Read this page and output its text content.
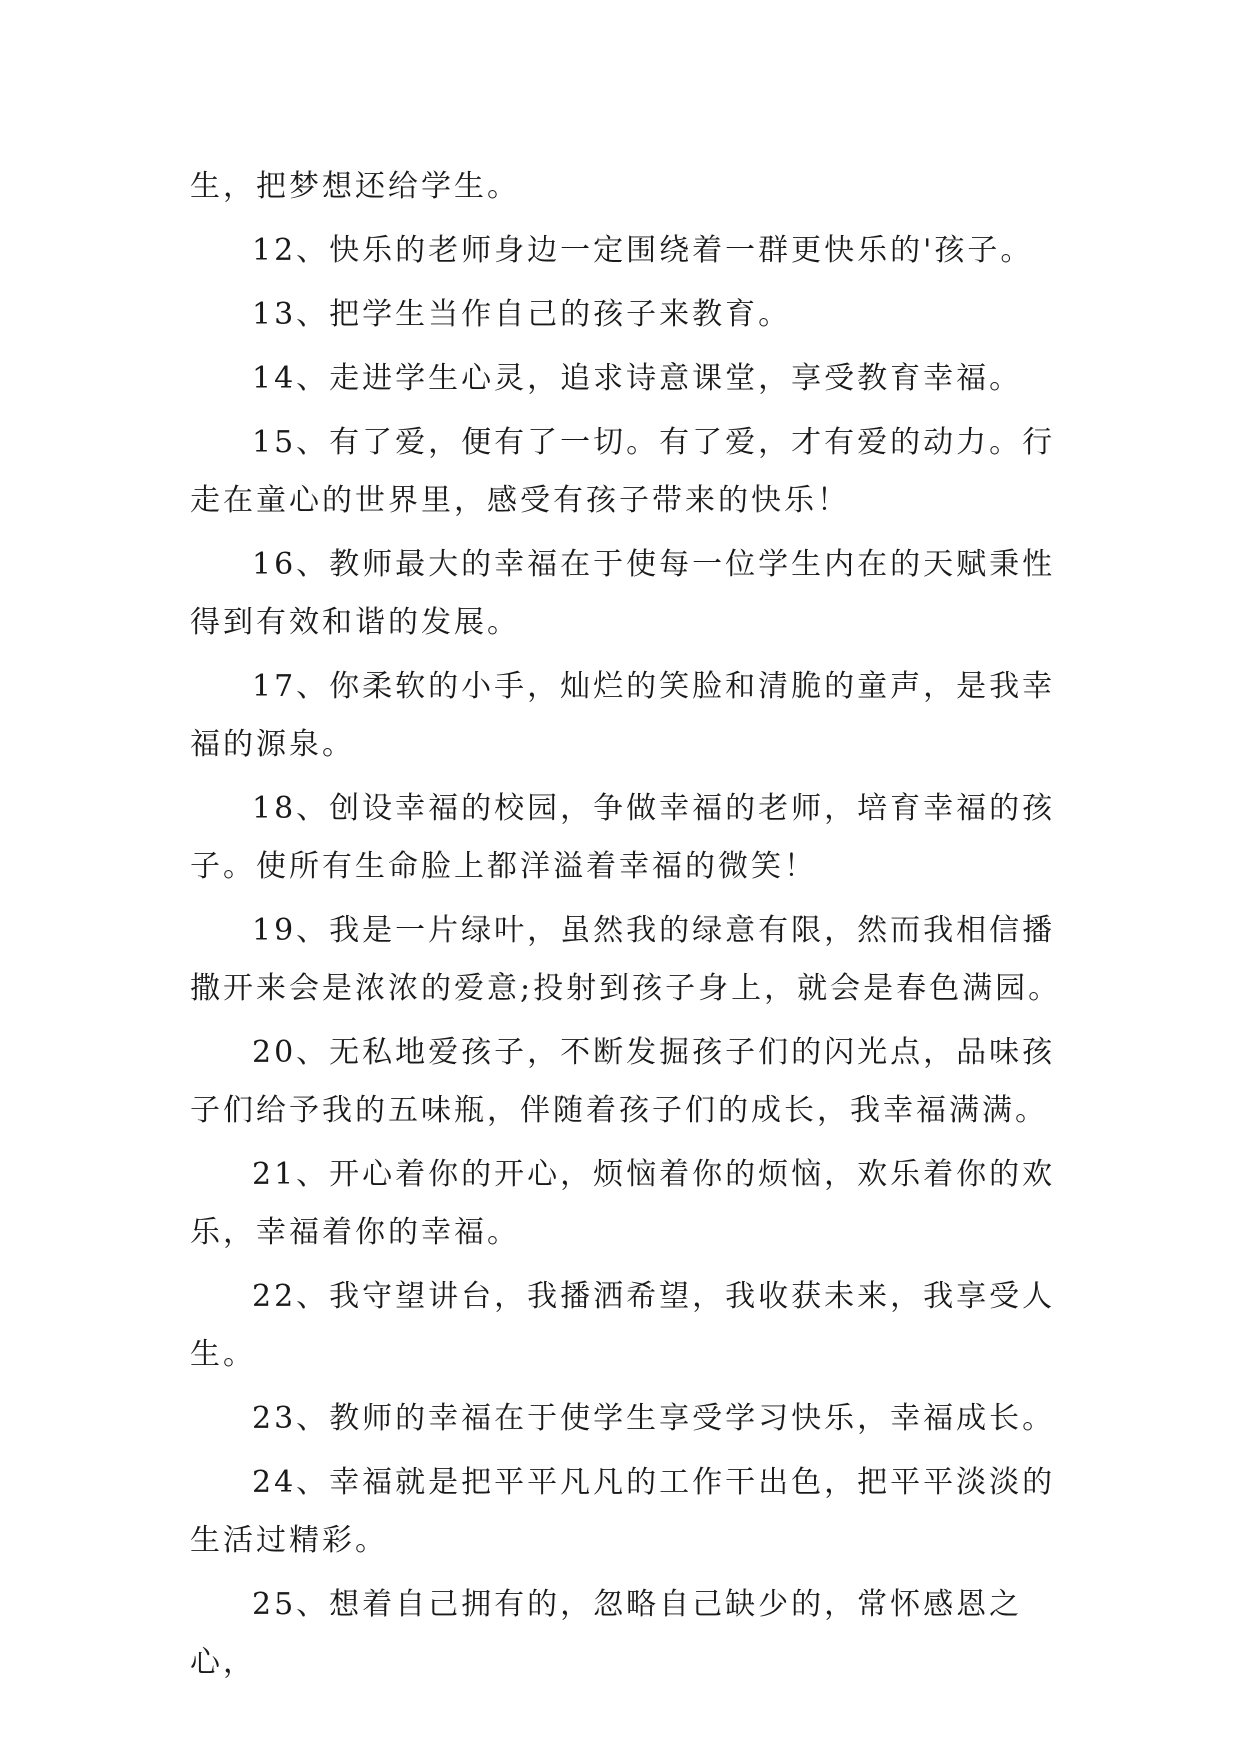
生，把梦想还给学生。

12、快乐的老师身边一定围绕着一群更快乐的'孩子。

13、把学生当作自己的孩子来教育。

14、走进学生心灵，追求诗意课堂，享受教育幸福。

15、有了爱，便有了一切。有了爱，才有爱的动力。行走在童心的世界里，感受有孩子带来的快乐！

16、教师最大的幸福在于使每一位学生内在的天赋秉性得到有效和谐的发展。

17、你柔软的小手，灿烂的笑脸和清脆的童声，是我幸福的源泉。

18、创设幸福的校园，争做幸福的老师，培育幸福的孩子。使所有生命脸上都洋溢着幸福的微笑！

19、我是一片绿叶，虽然我的绿意有限，然而我相信播撒开来会是浓浓的爱意;投射到孩子身上，就会是春色满园。

20、无私地爱孩子，不断发掘孩子们的闪光点，品味孩子们给予我的五味瓶，伴随着孩子们的成长，我幸福满满。

21、开心着你的开心，烦恼着你的烦恼，欢乐着你的欢乐，幸福着你的幸福。

22、我守望讲台，我播洒希望，我收获未来，我享受人生。

23、教师的幸福在于使学生享受学习快乐，幸福成长。

24、幸福就是把平平凡凡的工作干出色，把平平淡淡的生活过精彩。

25、想着自己拥有的，忽略自己缺少的，常怀感恩之心，
